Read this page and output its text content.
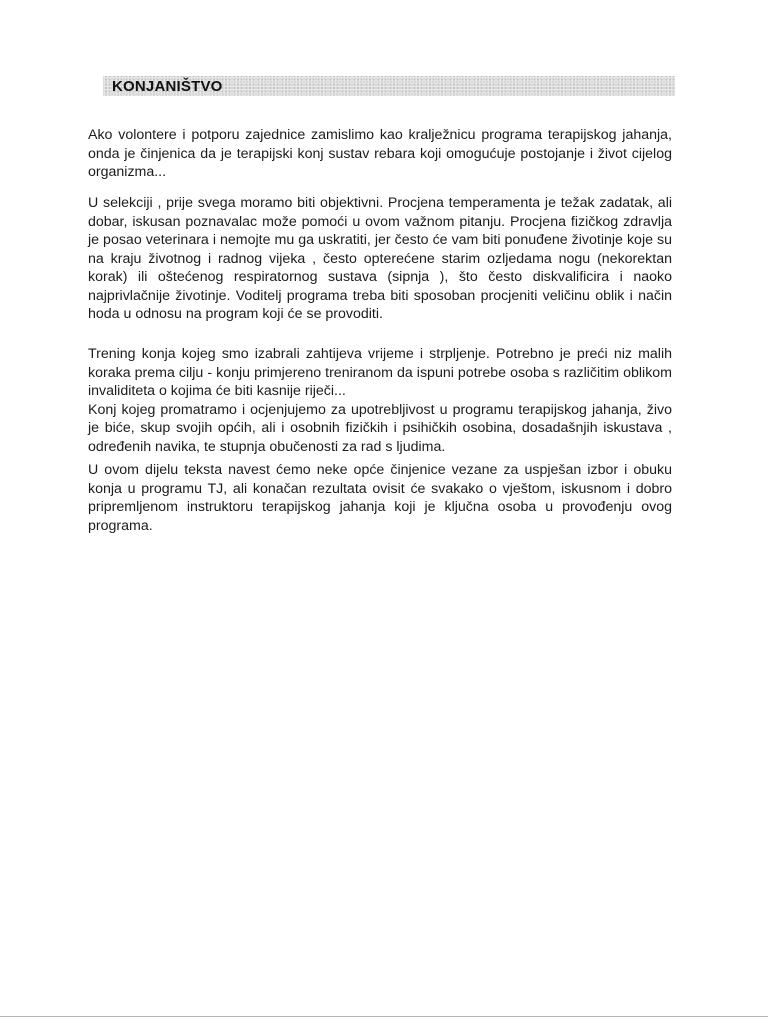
KONJANIŠTVO

Ako volontere i potporu zajednice zamislimo kao kralježnicu programa terapijskog jahanja, onda je činjenica da je terapijski konj sustav rebara koji omogućuje postojanje i život cijelog organizma...

U selekciji , prije svega moramo biti objektivni. Procjena temperamenta je težak zadatak, ali dobar, iskusan poznavalac može pomoći u ovom važnom pitanju. Procjena fizičkog zdravlja je posao veterinara i nemojte mu ga uskratiti, jer često će vam biti ponuđene životinje koje su na kraju životnog i radnog vijeka , često opterećene starim ozljedama nogu (nekorektan korak) ili oštećenog respiratornog sustava (sipnja ), što često diskvalificira i naoko najprivlačnije životinje. Voditelj programa treba biti sposoban procjeniti veličinu oblik i način hoda u odnosu na program koji će se provoditi.

Trening konja kojeg smo izabrali zahtijeva vrijeme i strpljenje. Potrebno je preći niz malih koraka prema cilju - konju primjereno treniranom da ispuni potrebe osoba s različitim oblikom invaliditeta o kojima će biti kasnije riječi...
Konj kojeg promatramo i ocjenjujemo za upotrebljivost u programu terapijskog jahanja, živo je biće, skup svojih općih, ali i osobnih fizičkih i psihičkih osobina, dosadašnjih iskustava , određenih navika, te stupnja obučenosti za rad s ljudima.

U ovom dijelu teksta navest ćemo neke opće činjenice vezane za uspješan izbor i obuku konja u programu TJ, ali konačan rezultata ovisit će svakako o vještom, iskusnom i dobro pripremljenom instruktoru terapijskog jahanja koji je ključna osoba u provođenju ovog programa.
